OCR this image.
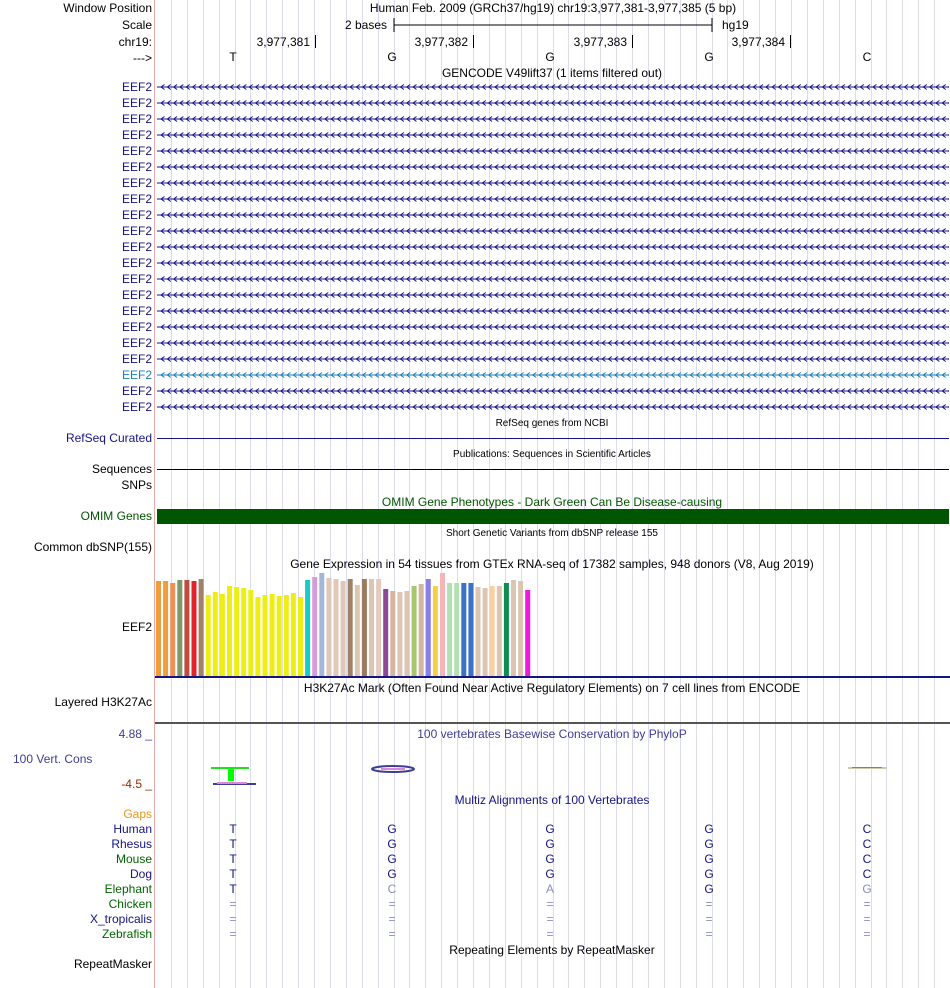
Window Position	Human Feb. 2009 (GRCh37/hg19) chr19:3,977,381-3,977,385 (5 bp)
Scale	2 bases	hg19
chr19:	3,977,381	3,977,382	3,977,383	3,977,384
--->	T	G	G	G	C
GENCODE V49lift37 (1 items filtered out)
EEF2
EEF2
EEF2
EEF2
EEF2
EEF2
EEF2
EEF2
EEF2
EEF2
EEF2
EEF2
EEF2
EEF2
EEF2
EEF2
EEF2
EEF2
EEF2
EEF2
EEF2
RefSeq genes from NCBI
RefSeq Curated
Publications: Sequences in Scientific Articles
Sequences
SNPs
OMIM Gene Phenotypes - Dark Green Can Be Disease-causing
OMIM Genes
Short Genetic Variants from dbSNP release 155
Common dbSNP(155)
Gene Expression in 54 tissues from GTEx RNA-seq of 17382 samples, 948 donors (V8, Aug 2019)
EEF2
H3K27Ac Mark (Often Found Near Active Regulatory Elements) on 7 cell lines from ENCODE
Layered H3K27Ac
100 vertebrates Basewise Conservation by PhyloP
4.88 _
100 Vert. Cons
-4.5 _
Multiz Alignments of 100 Vertebrates
Gaps
Human	T	G	G	G	C
Rhesus	T	G	G	G	C
Mouse	T	G	G	G	C
Dog	T	G	G	G	C
Elephant	T	C	A	G	G
Chicken	=	=	=	=	=
X_tropicalis	=	=	=	=	=
Zebrafish	=	=	=	=	=
Repeating Elements by RepeatMasker
RepeatMasker
